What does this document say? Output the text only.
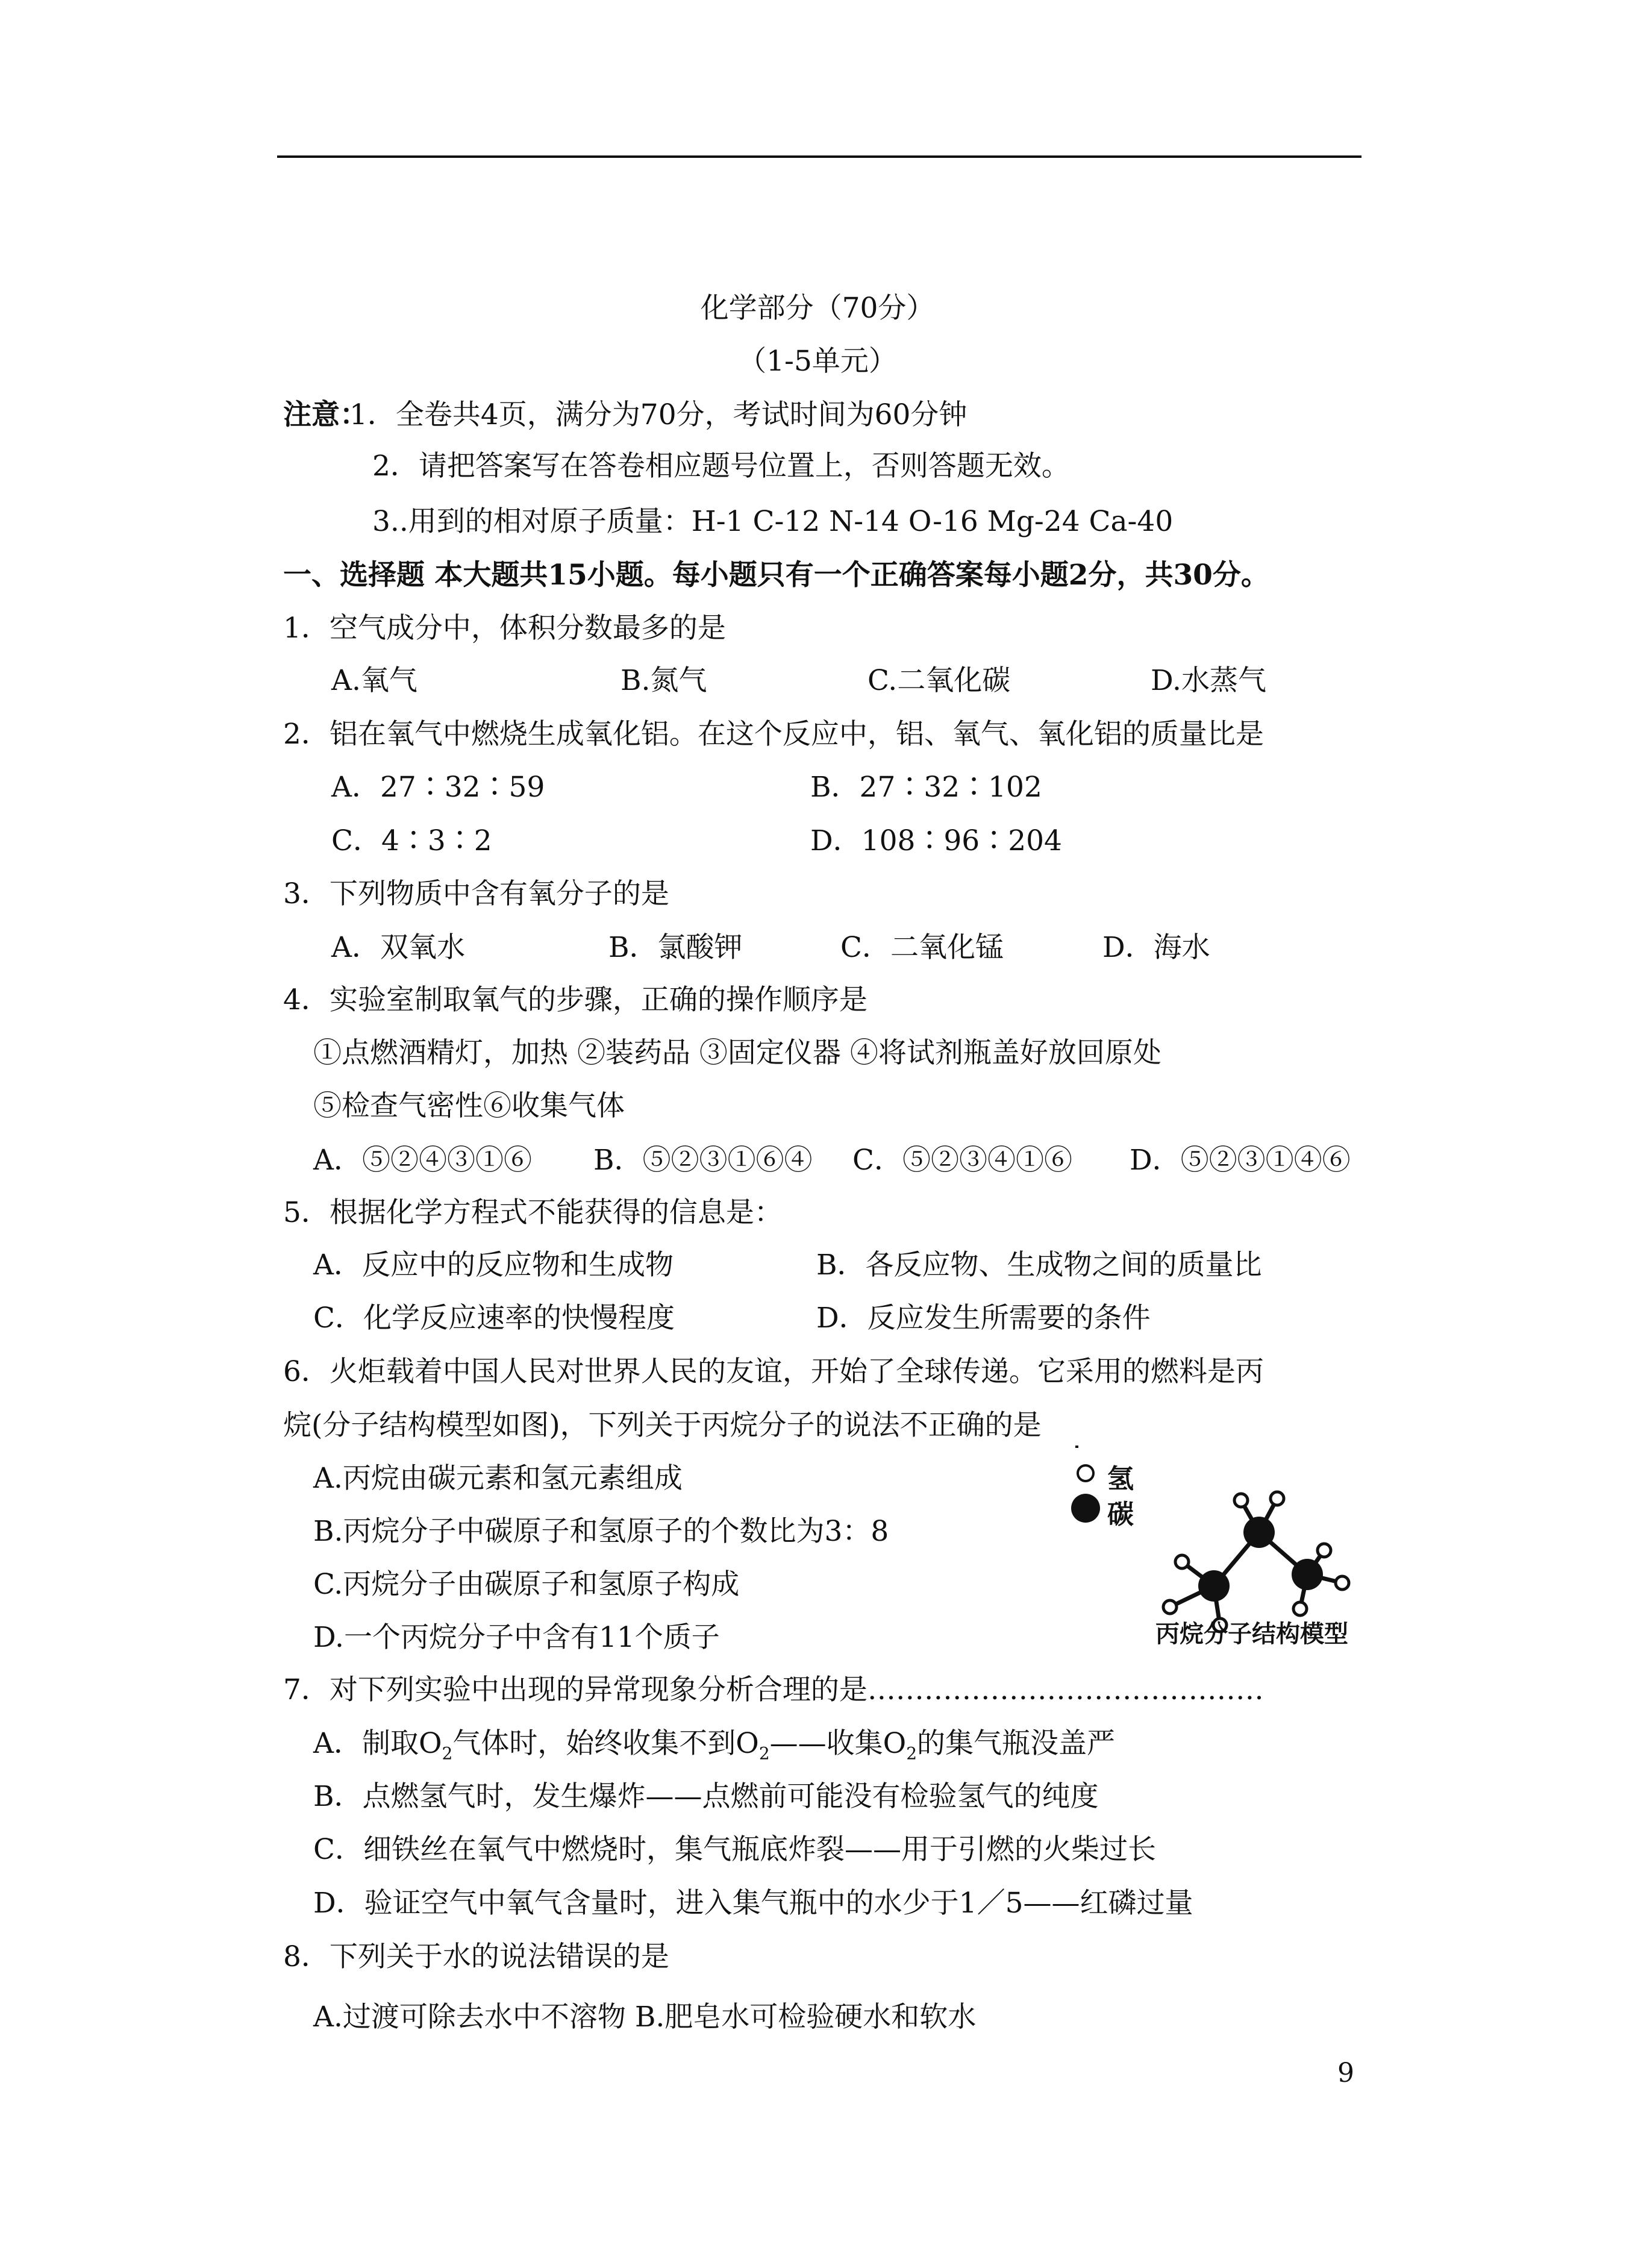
化学部分（70分）
（1-5单元）
注意：
1．全卷共4页，满分为70分，考试时间为60分钟
2．请把答案写在答卷相应题号位置上，否则答题无效。
3..用到的相对原子质量：H-1 C-12 N-14 O-16 Mg-24 Ca-40
一、选择题 本大题共15小题。每小题只有一个正确答案每小题2分，共30分。
1．空气成分中，体积分数最多的是
A.氧气	B.氮气	C.二氧化碳	D.水蒸气
2．铝在氧气中燃烧生成氧化铝。在这个反应中，铝、氧气、氧化铝的质量比是
A．27∶32∶59	B．27∶32∶102
C．4∶3∶2	D．108∶96∶204
3．下列物质中含有氧分子的是
A．双氧水	B．氯酸钾	C．二氧化锰	D．海水
4．实验室制取氧气的步骤，正确的操作顺序是
①点燃酒精灯，加热 ②装药品 ③固定仪器 ④将试剂瓶盖好放回原处
⑤检查气密性⑥收集气体
A．⑤②④③①⑥ B．⑤②③①⑥④ C．⑤②③④①⑥ D．⑤②③①④⑥
5．根据化学方程式不能获得的信息是：
A．反应中的反应物和生成物	B．各反应物、生成物之间的质量比
C．化学反应速率的快慢程度	D．反应发生所需要的条件
6．火炬载着中国人民对世界人民的友谊，开始了全球传递。它采用的燃料是丙
烷(分子结构模型如图)，下列关于丙烷分子的说法不正确的是
A.丙烷由碳元素和氢元素组成
B.丙烷分子中碳原子和氢原子的个数比为3：8
C.丙烷分子由碳原子和氢原子构成
D.一个丙烷分子中含有11个质子
氢
碳
丙烷分子结构模型
7．对下列实验中出现的异常现象分析合理的是……………………………………
A．制取$O_2$气体时，始终收集不到$O_2——$收集$O_2$的集气瓶没盖严
B．点燃氢气时，发生爆炸——点燃前可能没有检验氢气的纯度
C．细铁丝在氧气中燃烧时，集气瓶底炸裂——用于引燃的火柴过长
D．验证空气中氧气含量时，进入集气瓶中的水少于1／5——红磷过量
8．下列关于水的说法错误的是
A.过渡可除去水中不溶物 B.肥皂水可检验硬水和软水
9
